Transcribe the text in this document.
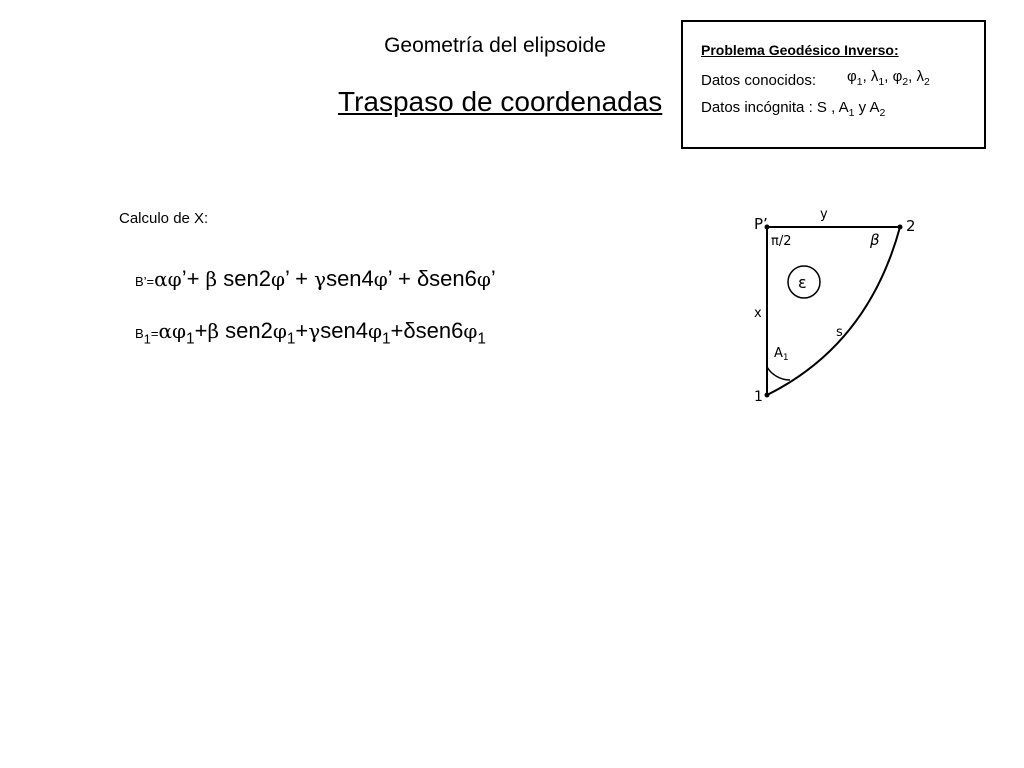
Geometría del elipsoide
Traspaso de coordenadas
Problema Geodésico Inverso:
Datos conocidos: $\varphi_1$, $\lambda_1$, $\varphi_2$, $\lambda_2$
Datos incógnita : S , $A_1$ y $A_2$
Calculo de X:
B’=αφ’+ β sen2φ’ + γsen4φ’ + δsen6φ’
$B_1=\alpha\varphi_1+\beta$ $sen2\varphi_1+\gamma sen4\varphi_1+\delta sen6\varphi_1$
P’
y
2
π/2	β
ε
x
s
$A_1$
1
